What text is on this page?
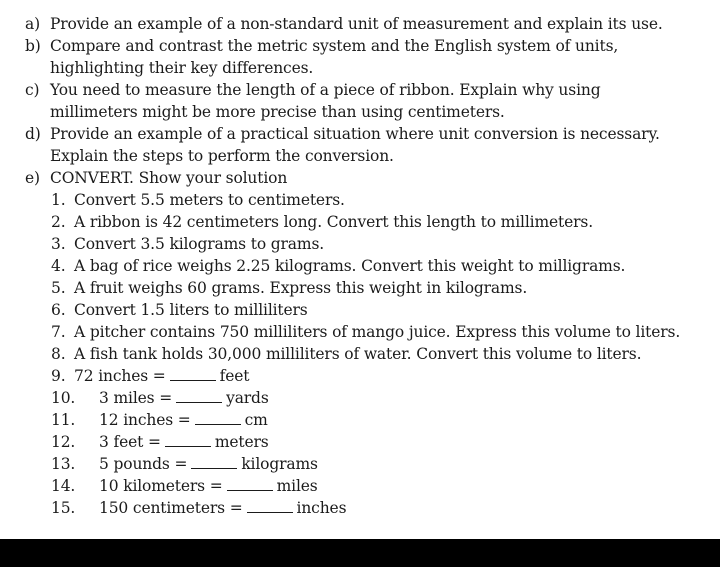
a) Provide an example of a non-standard unit of measurement and explain its use.
b) Compare and contrast the metric system and the English system of units,
highlighting their key differences.
c) You need to measure the length of a piece of ribbon. Explain why using
millimeters might be more precise than using centimeters.
d) Provide an example of a practical situation where unit conversion is necessary.
Explain the steps to perform the conversion.
e) CONVERT. Show your solution
1. Convert 5.5 meters to centimeters.
2. A ribbon is 42 centimeters long. Convert this length to millimeters.
3. Convert 3.5 kilograms to grams.
4. A bag of rice weighs 2.25 kilograms. Convert this weight to milligrams.
5. A fruit weighs 60 grams. Express this weight in kilograms.
6. Convert 1.5 liters to milliliters
7. A pitcher contains 750 milliliters of mango juice. Express this volume to liters.
8. A fish tank holds 30,000 milliliters of water. Convert this volume to liters.
9. 72 inches =	feet
10. 3 miles =	yards
11. 12 inches =	cm
12. 3 feet =	meters
13. 5 pounds =	kilograms
14. 10 kilometers =	miles
15. 150 centimeters =	inches
